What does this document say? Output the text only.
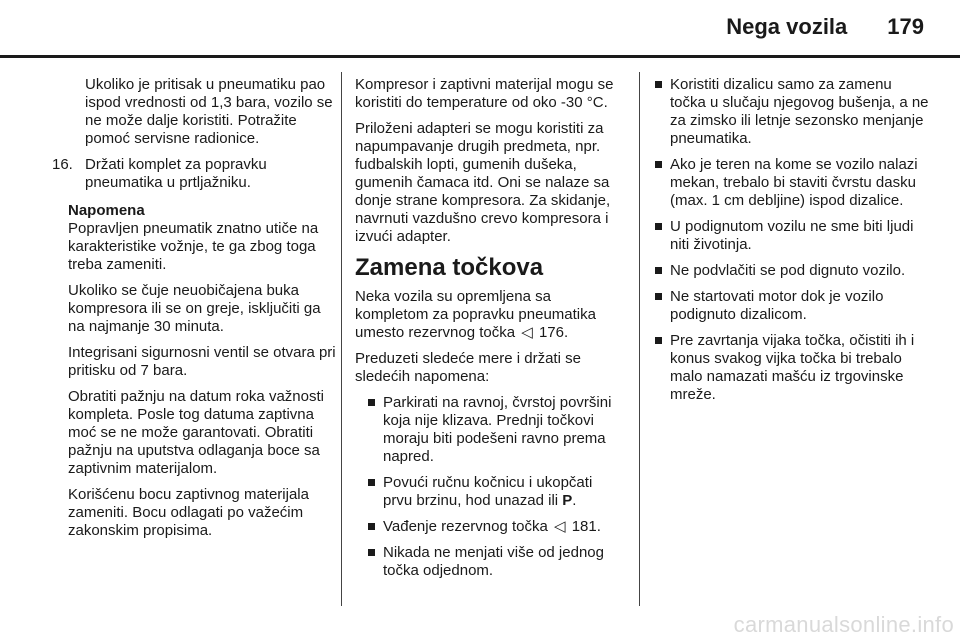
Nega vozila 179

Ukoliko je pritisak u pneumatiku pao ispod vrednosti od 1,3 bara, vozilo se ne može dalje koristiti. Potražite pomoć servisne radionice.

16. Držati komplet za popravku pneumatika u prtljažniku.

Napomena

Popravljen pneumatik znatno utiče na karakteristike vožnje, te ga zbog toga treba zameniti.

Ukoliko se čuje neuobičajena buka kompresora ili se on greje, isključiti ga na najmanje 30 minuta.

Integrisani sigurnosni ventil se otvara pri pritisku od 7 bara.

Obratiti pažnju na datum roka važnosti kompleta. Posle tog datuma zaptivna moć se ne može garantovati. Obratiti pažnju na uputstva odlaganja boce sa zaptivnim materijalom.

Korišćenu bocu zaptivnog materijala zameniti. Bocu odlagati po važećim zakonskim propisima.

Kompresor i zaptivni materijal mogu se koristiti do temperature od oko -30 °C.

Priloženi adapteri se mogu koristiti za napumpavanje drugih predmeta, npr. fudbalskih lopti, gumenih dušeka, gumenih čamaca itd. Oni se nalaze sa donje strane kompresora. Za skidanje, navrnuti vazdušno crevo kompresora i izvući adapter.

Zamena točkova

Neka vozila su opremljena sa kompletom za popravku pneumatika umesto rezervnog točka ◁ 176.

Preduzeti sledeće mere i držati se sledećih napomena:

Parkirati na ravnoj, čvrstoj površini koja nije klizava. Prednji točkovi moraju biti podešeni ravno prema napred.
Povući ručnu kočnicu i ukopčati prvu brzinu, hod unazad ili P.
Vađenje rezervnog točka ◁ 181.
Nikada ne menjati više od jednog točka odjednom.
Koristiti dizalicu samo za zamenu točka u slučaju njegovog bušenja, a ne za zimsko ili letnje sezonsko menjanje pneumatika.
Ako je teren na kome se vozilo nalazi mekan, trebalo bi staviti čvrstu dasku (max. 1 cm debljine) ispod dizalice.
U podignutom vozilu ne sme biti ljudi niti životinja.
Ne podvlačiti se pod dignuto vozilo.
Ne startovati motor dok je vozilo podignuto dizalicom.
Pre zavrtanja vijaka točka, očistiti ih i konus svakog vijka točka bi trebalo malo namazati mašću iz trgovinske mreže.
carmanualsonline.info
